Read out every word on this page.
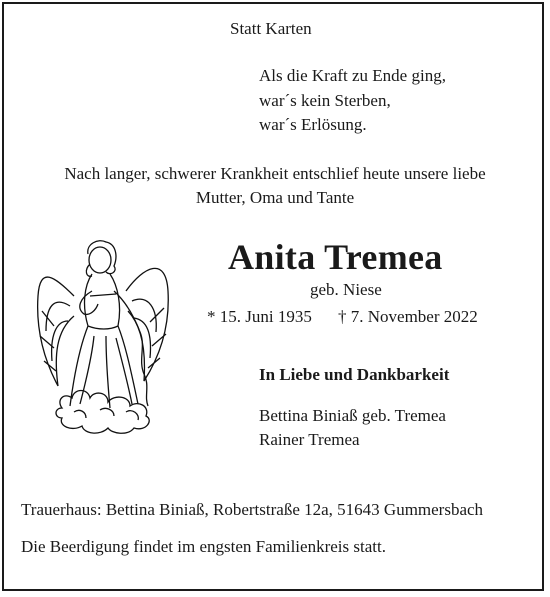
Statt Karten
Als die Kraft zu Ende ging,
war´s kein Sterben,
war´s Erlösung.
Nach langer, schwerer Krankheit entschlief heute unsere liebe
Mutter, Oma und Tante
Anita Tremea
geb. Niese
* 15. Juni 1935 † 7. November 2022
In Liebe und Dankbarkeit
Bettina Biniaß geb. Tremea
Rainer Tremea
Trauerhaus: Bettina Biniaß, Robertstraße 12a, 51643 Gummersbach
Die Beerdigung findet im engsten Familienkreis statt.
